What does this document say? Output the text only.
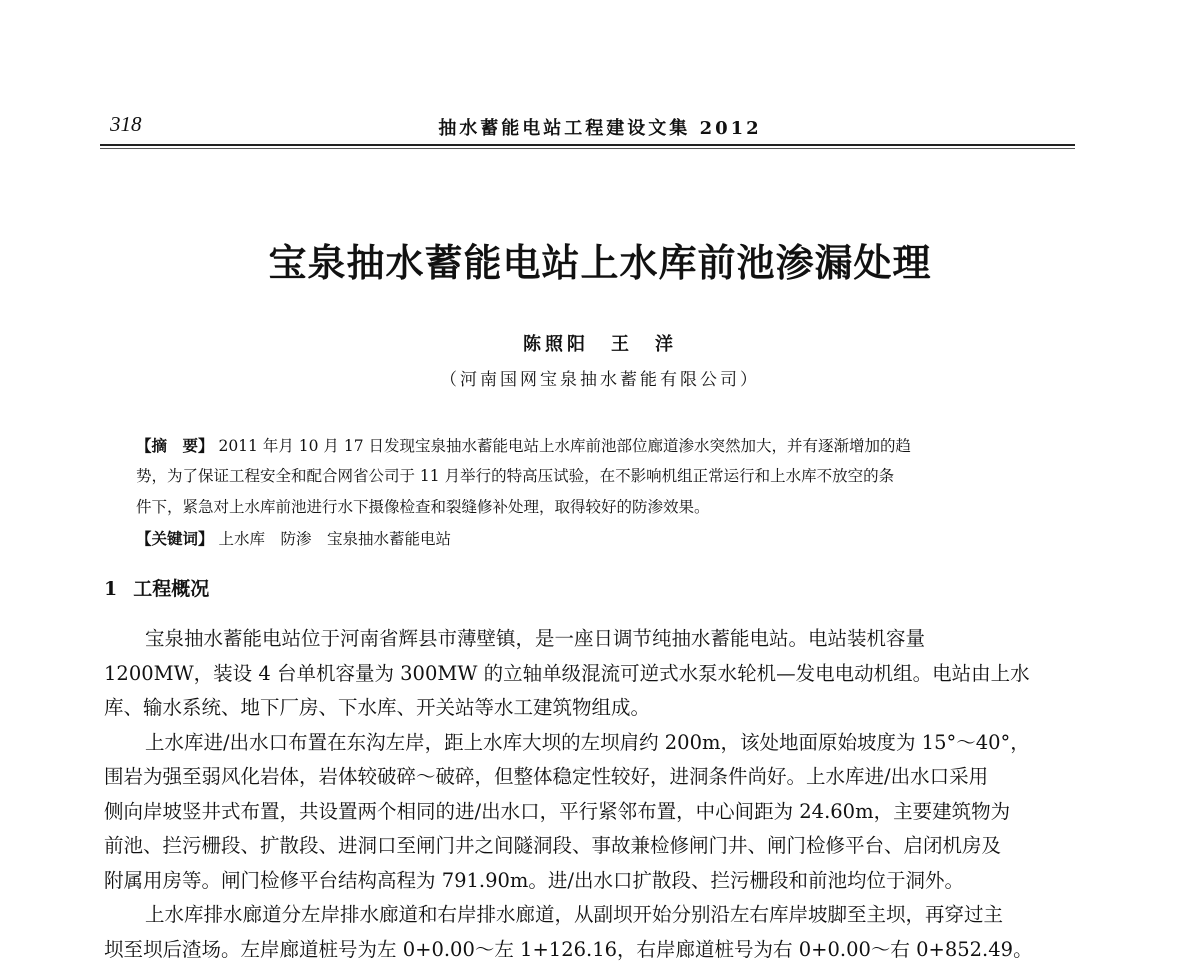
318	抽水蓄能电站工程建设文集 2012
宝泉抽水蓄能电站上水库前池渗漏处理
陈照阳　王　洋
（河南国网宝泉抽水蓄能有限公司）
【摘　要】 2011 年月 10 月 17 日发现宝泉抽水蓄能电站上水库前池部位廊道渗水突然加大，并有逐渐增加的趋
势，为了保证工程安全和配合网省公司于 11 月举行的特高压试验，在不影响机组正常运行和上水库不放空的条
件下，紧急对上水库前池进行水下摄像检查和裂缝修补处理，取得较好的防渗效果。
【关键词】 上水库　防渗　宝泉抽水蓄能电站
1 工程概况
宝泉抽水蓄能电站位于河南省辉县市薄壁镇，是一座日调节纯抽水蓄能电站。电站装机容量
1200MW，装设 4 台单机容量为 300MW 的立轴单级混流可逆式水泵水轮机—发电电动机组。电站由上水
库、输水系统、地下厂房、下水库、开关站等水工建筑物组成。
上水库进/出水口布置在东沟左岸，距上水库大坝的左坝肩约 200m，该处地面原始坡度为 15°～40°，
围岩为强至弱风化岩体，岩体较破碎～破碎，但整体稳定性较好，进洞条件尚好。上水库进/出水口采用
侧向岸坡竖井式布置，共设置两个相同的进/出水口，平行紧邻布置，中心间距为 24.60m，主要建筑物为
前池、拦污栅段、扩散段、进洞口至闸门井之间隧洞段、事故兼检修闸门井、闸门检修平台、启闭机房及
附属用房等。闸门检修平台结构高程为 791.90m。进/出水口扩散段、拦污栅段和前池均位于洞外。
上水库排水廊道分左岸排水廊道和右岸排水廊道，从副坝开始分别沿左右库岸坡脚至主坝，再穿过主
坝至坝后渣场。左岸廊道桩号为左 0+0.00～左 1+126.16，右岸廊道桩号为右 0+0.00～右 0+852.49。
